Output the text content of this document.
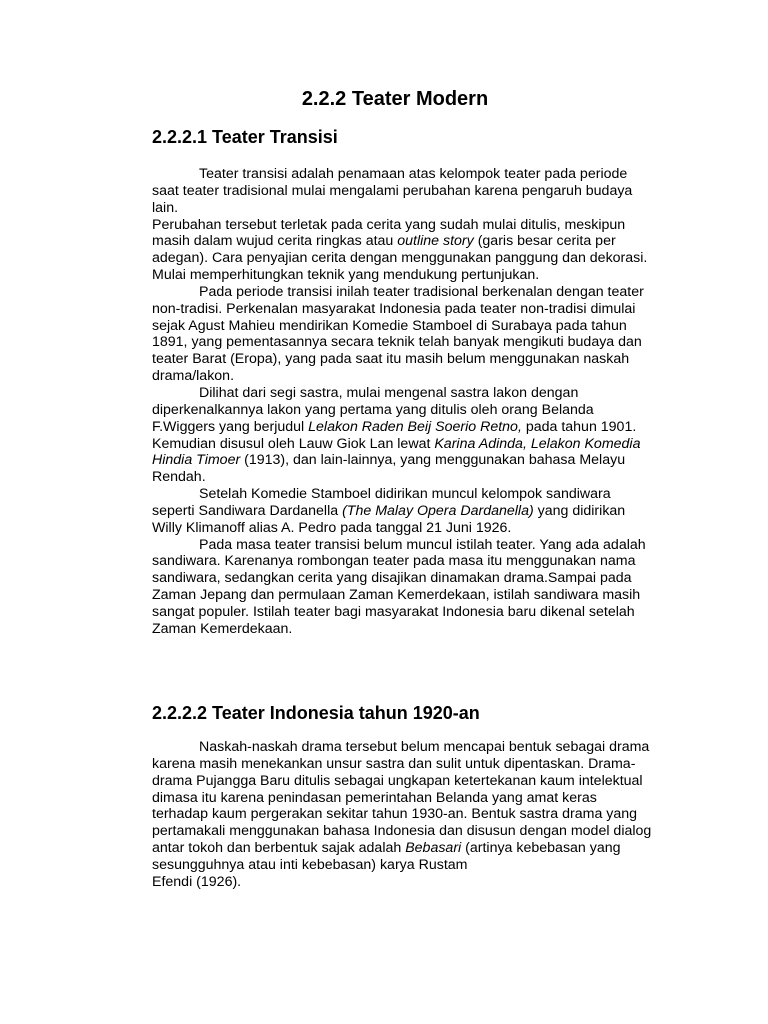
2.2.2 Teater Modern
2.2.2.1 Teater Transisi

Teater transisi adalah penamaan atas kelompok teater pada periode saat teater tradisional mulai mengalami perubahan karena pengaruh budaya lain.

Perubahan tersebut terletak pada cerita yang sudah mulai ditulis, meskipun masih dalam wujud cerita ringkas atau outline story (garis besar cerita per adegan). Cara penyajian cerita dengan menggunakan panggung dan dekorasi. Mulai memperhitungkan teknik yang mendukung pertunjukan.

Pada periode transisi inilah teater tradisional berkenalan dengan teater non-tradisi. Perkenalan masyarakat Indonesia pada teater non-tradisi dimulai sejak Agust Mahieu mendirikan Komedie Stamboel di Surabaya pada tahun 1891, yang pementasannya secara teknik telah banyak mengikuti budaya dan teater Barat (Eropa), yang pada saat itu masih belum menggunakan naskah drama/lakon.

Dilihat dari segi sastra, mulai mengenal sastra lakon dengan diperkenalkannya lakon yang pertama yang ditulis oleh orang Belanda F.Wiggers yang berjudul Lelakon Raden Beij Soerio Retno, pada tahun 1901. Kemudian disusul oleh Lauw Giok Lan lewat Karina Adinda, Lelakon Komedia Hindia Timoer (1913), dan lain-lainnya, yang menggunakan bahasa Melayu Rendah.

Setelah Komedie Stamboel didirikan muncul kelompok sandiwara seperti Sandiwara Dardanella (The Malay Opera Dardanella) yang didirikan Willy Klimanoff alias A. Pedro pada tanggal 21 Juni 1926.

Pada masa teater transisi belum muncul istilah teater. Yang ada adalah sandiwara. Karenanya rombongan teater pada masa itu menggunakan nama sandiwara, sedangkan cerita yang disajikan dinamakan drama.Sampai pada Zaman Jepang dan permulaan Zaman Kemerdekaan, istilah sandiwara masih sangat populer. Istilah teater bagi masyarakat Indonesia baru dikenal setelah Zaman Kemerdekaan.

2.2.2.2 Teater Indonesia tahun 1920-an

Naskah-naskah drama tersebut belum mencapai bentuk sebagai drama karena masih menekankan unsur sastra dan sulit untuk dipentaskan. Drama-drama Pujangga Baru ditulis sebagai ungkapan ketertekanan kaum intelektual dimasa itu karena penindasan pemerintahan Belanda yang amat keras terhadap kaum pergerakan sekitar tahun 1930-an. Bentuk sastra drama yang pertamakali menggunakan bahasa Indonesia dan disusun dengan model dialog antar tokoh dan berbentuk sajak adalah Bebasari (artinya kebebasan yang sesungguhnya atau inti kebebasan) karya Rustam

Efendi (1926).
